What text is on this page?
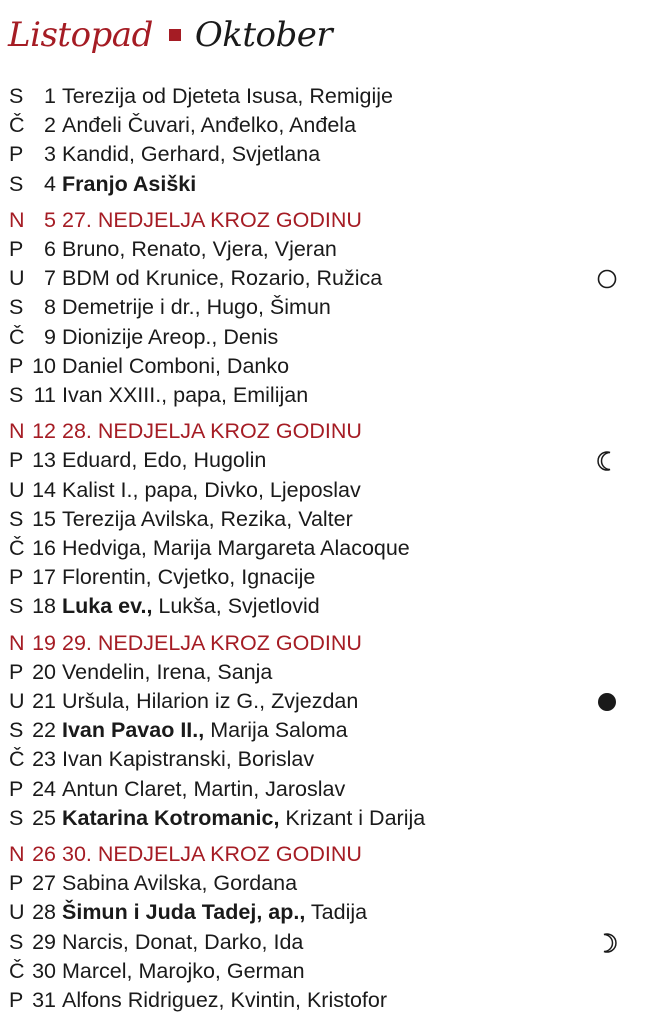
Listopad Oktober
S 1 Terezija od Djeteta Isusa, Remigije
Č 2 Anđeli Čuvari, Anđelko, Anđela
P 3 Kandid, Gerhard, Svjetlana
S 4 Franjo Asiški
N 5 27. NEDJELJA KROZ GODINU
P 6 Bruno, Renato, Vjera, Vjeran
U 7 BDM od Krunice, Rozario, Ružica
S 8 Demetrije i dr., Hugo, Šimun
Č 9 Dionizije Areop., Denis
P 10 Daniel Comboni, Danko
S 11 Ivan XXIII., papa, Emilijan
N 12 28. NEDJELJA KROZ GODINU
P 13 Eduard, Edo, Hugolin
U 14 Kalist I., papa, Divko, Ljeposlav
S 15 Terezija Avilska, Rezika, Valter
Č 16 Hedviga, Marija Margareta Alacoque
P 17 Florentin, Cvjetko, Ignacije
S 18 Luka ev., Lukša, Svjetlovid
N 19 29. NEDJELJA KROZ GODINU
P 20 Vendelin, Irena, Sanja
U 21 Uršula, Hilarion iz G., Zvjezdan
S 22 Ivan Pavao II., Marija Saloma
Č 23 Ivan Kapistranski, Borislav
P 24 Antun Claret, Martin, Jaroslav
S 25 Katarina Kotromanic, Krizant i Darija
N 26 30. NEDJELJA KROZ GODINU
P 27 Sabina Avilska, Gordana
U 28 Šimun i Juda Tadej, ap., Tadija
S 29 Narcis, Donat, Darko, Ida
Č 30 Marcel, Marojko, German
P 31 Alfons Ridriguez, Kvintin, Kristofor
